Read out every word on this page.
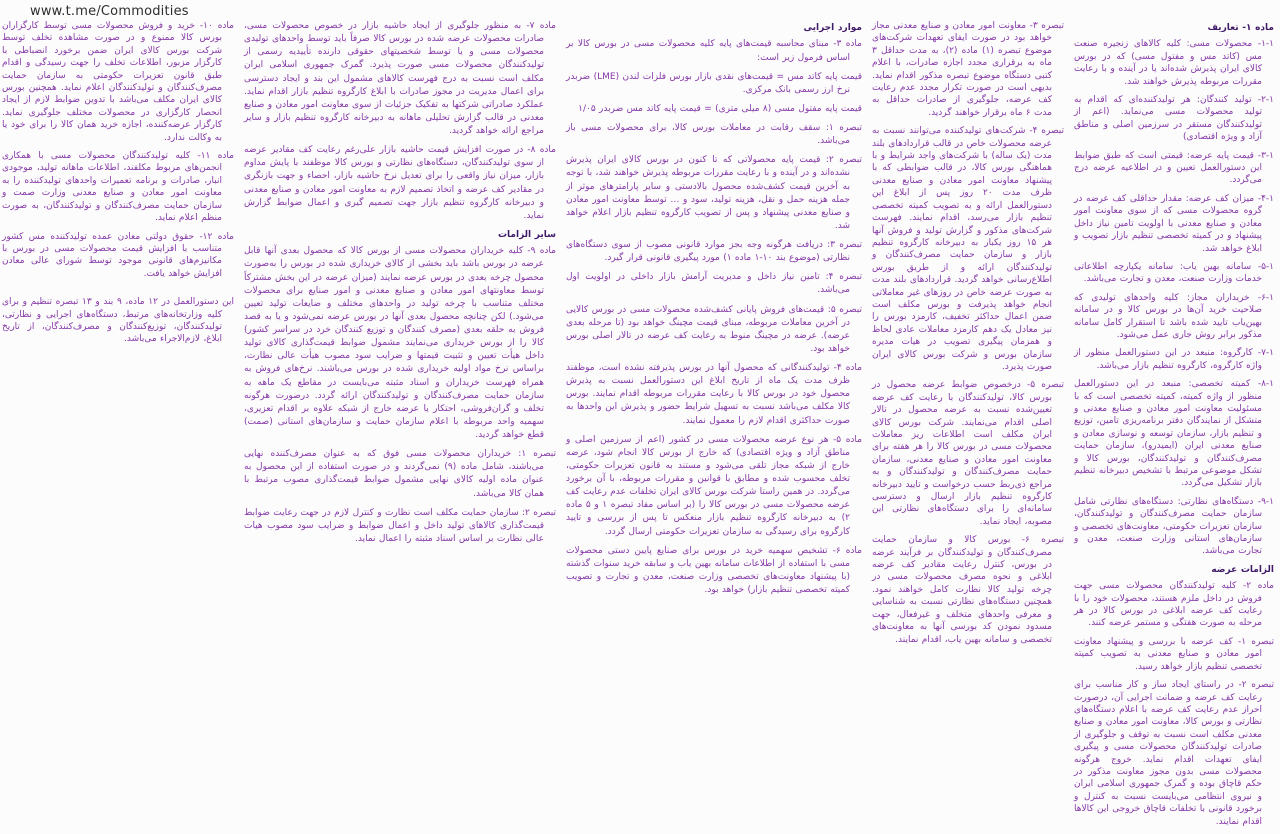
www.t.me/Commodities
ماده ۱- تعاریف
۱-۱- محصولات مسی: کلیه کالاهای زنجیره صنعت مس (کاتد مس و مفتول مسی) که در بورس کالای ایران پذیرش شده‌اند یا در آینده و با رعایت مقررات مربوطه پذیرش خواهند شد.
۲-۱- تولید کنندگان: هر تولیدکننده‌ای که اقدام به تولید محصولات مسی می‌نماید. (اعم از تولیدکنندگان مستقر در سرزمین اصلی و مناطق آزاد و ویژه اقتصادی)
۳-۱- قیمت پایه عرضه: قیمتی است که طبق ضوابط این دستورالعمل تعیین و در اطلاعیه عرضه درج می‌گردد.
۴-۱- میزان کف عرضه: مقدار حداقلی کف عرضه در گروه محصولات مسی که از سوی معاونت امور معادن و صنایع معدنی با اولویت تامین نیاز داخل پیشنهاد و در کمیته تخصصی تنظیم بازار تصویب و ابلاغ خواهد شد.
۵-۱- سامانه بهین یاب: سامانه یکپارچه اطلاعاتی خدمات وزارت صنعت، معدن و تجارت می‌باشد.
۶-۱- خریداران مجاز: کلیه واحدهای تولیدی که صلاحیت خرید آن‌ها در بورس کالا و در سامانه بهین‌یاب تایید شده باشد تا استقرار کامل سامانه مذکور برابر روش جاری عمل می‌شود.
۷-۱- کارگروه: منبعد در این دستورالعمل منظور از واژه کارگروه، کارگروه تنظیم بازار می‌باشد.
۸-۱- کمیته تخصصی: منبعد در این دستورالعمل منظور از واژه کمیته، کمیته تخصصی است که با مسئولیت معاونت امور معادن و صنایع معدنی و متشکل از نمایندگان دفتر برنامه‌ریزی تامین، توزیع و تنظیم بازار، سازمان توسعه و نوسازی معادن و صنایع معدنی ایران (ایمیدرو)، سازمان حمایت مصرف‌کنندگان و تولیدکنندگان، بورس کالا و تشکل موضوعی مرتبط با تشخیص دبیرخانه تنظیم بازار تشکیل می‌گردد.
۹-۱- دستگاه‌های نظارتی: دستگاه‌های نظارتی شامل سازمان حمایت مصرف‌کنندگان و تولیدکنندگان، سازمان تعزیرات حکومتی، معاونت‌های تخصصی و سازمان‌های استانی وزارت صنعت، معدن و تجارت می‌باشد.
الزامات عرضه
ماده ۲- کلیه تولیدکنندگان محصولات مسی جهت فروش در داخل ملزم هستند، محصولات خود را با رعایت کف عرضه ابلاغی در بورس کالا در هر مرحله به صورت هفتگی و مستمر عرضه کنند.
تبصره ۱- کف عرضه با بررسی و پیشنهاد معاونت امور معادن و صنایع معدنی به تصویب کمیته تخصصی تنظیم بازار خواهد رسید.
تبصره ۲- در راستای ایجاد ساز و کار مناسب برای رعایت کف عرضه و ضمانت اجرایی آن، درصورت احراز عدم رعایت کف عرضه با اعلام دستگاه‌های نظارتی و بورس کالا، معاونت امور معادن و صنایع معدنی مکلف است نسبت به توقف و جلوگیری از صادرات تولیدکنندگان محصولات مسی و پیگیری ایفای تعهدات اقدام نماید. خروج هرگونه محصولات مسی بدون مجوز معاونت مذکور در حکم قاچاق بوده و گمرک جمهوری اسلامی ایران و نیروی انتظامی می‌بایست نسبت به کنترل و برخورد قانونی با تخلفات قاچاق خروجی این کالاها اقدام نمایند.
تبصره ۳- معاونت امور معادن و صنایع معدنی مجاز خواهد بود در صورت ایفای تعهدات شرکت‌های موضوع تبصره (۱) ماده (۲)، به مدت حداقل ۳ ماه به برقراری مجدد اجازه صادرات، با اعلام کتبی دستگاه موضوع تبصره مذکور اقدام نماید. بدیهی است در صورت تکرار مجدد عدم رعایت کف عرضه، جلوگیری از صادرات حداقل به مدت ۶ ماه برقرار خواهند گردید.
تبصره ۴- شرکت‌های تولیدکننده می‌توانند نسبت به عرضه محصولات خاص در قالب قراردادهای بلند مدت (یک ساله) با شرکت‌های واجد شرایط و با هماهنگی بورس کالا، در قالب ضوابطی که با پیشنهاد معاونت امور معادن و صنایع معدنی ظرف مدت ۲۰ روز پس از ابلاغ این دستورالعمل ارائه و به تصویب کمیته تخصصی تنظیم بازار می‌رسد، اقدام نمایند. فهرست شرکت‌های مذکور و گزارش تولید و فروش آنها هر ۱۵ روز یکبار به دبیرخانه کارگروه تنظیم بازار و سازمان حمایت مصرف‌کنندگان و تولیدکنندگان ارائه و از طریق بورس اطلاع‌رسانی خواهد گردید. قراردادهای بلند مدت به صورت عرضه خاص در روزهای غیر معاملاتی انجام خواهد پذیرفت و بورس مکلف است ضمن اعمال حداکثر تخفیف، کارمزد بورس را نیز معادل یک دهم کارمزد معاملات عادی لحاظ و همزمان پیگیری تصویب در هیات مدیره سازمان بورس و شرکت بورس کالای ایران صورت پذیرد.
تبصره ۵- درخصوص ضوابط عرضه محصول در بورس کالا، تولیدکنندگان با رعایت کف عرضه تعیین‌شده نسبت به عرضه محصول در تالار اصلی اقدام می‌نمایند. شرکت بورس کالای ایران مکلف است اطلاعات ریز معاملات محصولات مسی در بورس کالا را هر هفته برای معاونت امور معادن و صنایع معدنی، سازمان حمایت مصرف‌کنندگان و تولیدکنندگان و به مراجع ذی‌ربط حسب درخواست و تایید دبیرخانه کارگروه تنظیم بازار ارسال و دسترسی سامانه‌ای را برای دستگاه‌های نظارتی این مصوبه، ایجاد نماید.
تبصره ۶- بورس کالا و سازمان حمایت مصرف‌کنندگان و تولیدکنندگان بر فرآیند عرضه در بورس، کنترل رعایت مقادیر کف عرضه ابلاغی و نحوه مصرف محصولات مسی در چرخه تولید کالا نظارت کامل خواهند نمود. همچنین دستگاه‌های نظارتی نسبت به شناسایی و معرفی واحدهای متخلف و غیرفعال، جهت مسدود نمودن کد بورسی آنها به معاونت‌های تخصصی و سامانه بهین یاب، اقدام نمایند.
موارد اجرایی
ماده ۳- مبنای محاسبه قیمت‌های پایه کلیه محصولات مسی در بورس کالا بر اساس فرمول زیر است:
قیمت پایه کاتد مس = قیمت‌های نقدی بازار بورس فلزات لندن (LME) ضربدر نرخ ارز رسمی بانک مرکزی.
قیمت پایه مفتول مسی (۸ میلی متری) = قیمت پایه کاتد مس ضربدر ۱/۰۵
تبصره ۱: سقف رقابت در معاملات بورس کالا، برای محصولات مسی باز می‌باشد.
تبصره ۲: قیمت پایه محصولاتی که تا کنون در بورس کالای ایران پذیرش نشده‌اند و در آینده و با رعایت مقررات مربوطه پذیرش خواهند شد، با توجه به آخرین قیمت کشف‌شده محصول بالادستی و سایر پارامترهای موثر از جمله هزینه حمل و نقل، هزینه تولید، سود و … توسط معاونت امور معادن و صنایع معدنی پیشنهاد و پس از تصویب کارگروه تنظیم بازار اعلام خواهد شد.
تبصره ۳: دریافت هرگونه وجه بجز موارد قانونی مصوب از سوی دستگاه‌های نظارتی (موضوع بند ۱۰-۱ ماده ۱) مورد پیگیری قانونی قرار گیرد.
تبصره ۴: تامین نیاز داخل و مدیریت آرامش بازار داخلی در اولویت اول می‌باشد.
تبصره ۵: قیمت‌های فروش پایانی کشف‌شده محصولات مسی در بورس کالایی در آخرین معاملات مربوطه، مبنای قیمت مچینگ خواهد بود (تا مرحله بعدی عرضه). عرضه در مچینگ منوط به رعایت کف عرضه در تالار اصلی بورس خواهد بود.
ماده ۴- تولیدکنندگانی که محصول آنها در بورس پذیرفته نشده است، موظفند ظرف مدت یک ماه از تاریخ ابلاغ این دستورالعمل نسبت به پذیرش محصول خود در بورس کالا با رعایت مقررات مربوطه اقدام نمایند. بورس کالا مکلف می‌باشد نسبت به تسهیل شرایط حضور و پذیرش این واحدها به صورت حداکثری اقدام لازم را معمول نمایند.
ماده ۵- هر نوع عرضه محصولات مسی در کشور (اعم از سرزمین اصلی و مناطق آزاد و ویژه اقتصادی) که خارج از بورس کالا انجام شود، عرضه خارج از شبکه مجاز تلقی می‌شود و مستند به قانون تعزیرات حکومتی، تخلف محسوب شده و مطابق با قوانین و مقررات مربوطه، با آن برخورد می‌گردد. در همین راستا شرکت بورس کالای ایران تخلفات عدم رعایت کف عرضه محصولات مسی در بورس کالا را (بر اساس مفاد تبصره ۱ و ۵ ماده ۲) به دبیرخانه کارگروه تنظیم بازار منعکس تا پس از بررسی و تایید کارگروه برای رسیدگی به سازمان تعزیرات حکومتی ارسال گردد.
ماده ۶- تشخیص سهمیه خرید در بورس برای صنایع پایین دستی محصولات مسی با استفاده از اطلاعات سامانه بهین یاب و سابقه خرید سنوات گذشته (با پیشنهاد معاونت‌های تخصصی وزارت صنعت، معدن و تجارت و تصویب کمیته تخصصی تنظیم بازار) خواهد بود.
ماده ۷- به منظور جلوگیری از ایجاد حاشیه بازار در خصوص محصولات مسی، صادرات محصولات عرضه شده در بورس کالا صرفاً باید توسط واحدهای تولیدی محصولات مسی و یا توسط شخصیتهای حقوقی دارنده تأییدیه رسمی از تولیدکنندگان محصولات مسی صورت پذیرد. گمرک جمهوری اسلامی ایران مکلف است نسبت به درج فهرست کالاهای مشمول این بند و ایجاد دسترسی برای اعمال مدیریت در مجوز صادرات با ابلاغ کارگروه تنظیم بازار اقدام نماید. عملکرد صادراتی شرکتها به تفکیک جزئیات از سوی معاونت امور معادن و صنایع معدنی در قالب گزارش تحلیلی ماهانه به دبیرخانه کارگروه تنظیم بازار و سایر مراجع ارائه خواهد گردید.
ماده ۸- در صورت افزایش قیمت حاشیه بازار علی‌رغم رعایت کف مقادیر عرضه از سوی تولیدکنندگان، دستگاه‌های نظارتی و بورس کالا موظفند با پایش مداوم بازار، میزان نیاز واقعی را برای تعدیل نرخ حاشیه بازار، احصاء و جهت بازنگری در مقادیر کف عرضه و اتخاذ تصمیم لازم به معاونت امور معادن و صنایع معدنی و دبیرخانه کارگروه تنظیم بازار جهت تصمیم گیری و اعمال ضوابط گزارش نماید.
سایر الزامات
ماده ۹- کلیه خریداران محصولات مسی از بورس کالا که محصول بعدی آنها قابل عرضه در بورس باشد باید بخشی از کالای خریداری شده در بورس را به‌صورت محصول چرخه بعدی در بورس عرضه نمایند (میزان عرضه در این بخش مشترکاً توسط معاونتهای امور معادن و صنایع معدنی و امور صنایع برای محصولات مختلف متناسب با چرخه تولید در واحدهای مختلف و ضایعات تولید تعیین می‌شود.) لکن چنانچه محصول بعدی آنها در بورس عرضه نمی‌شود و یا به قصد فروش به حلقه بعدی (مصرف کنندگان و توزیع کنندگان خرد در سراسر کشور) کالا را از بورس خریداری می‌نمایند مشمول ضوابط قیمت‌گذاری کالای تولید داخل هیأت تعیین و تثبیت قیمتها و ضرایب سود مصوب هیأت عالی نظارت، براساس نرخ مواد اولیه خریداری شده در بورس می‌باشند. نرخ‌های فروش به همراه فهرست خریداران و اسناد مثبته می‌بایست در مقاطع یک ماهه به سازمان حمایت مصرف‌کنندگان و تولیدکنندگان ارائه گردد. درصورت هرگونه تخلف و گران‌فروشی، احتکار یا عرضه خارج از شبکه علاوه بر اقدام تعزیری، سهمیه واحد مربوطه با اعلام سازمان حمایت و سازمان‌های استانی (صمت) قطع خواهد گردید.
تبصره ۱: خریداران محصولات مسی فوق که به عنوان مصرف‌کننده نهایی می‌باشند، شامل ماده (۹) نمی‌گردند و در صورت استفاده از این محصول به عنوان ماده اولیه کالای نهایی مشمول ضوابط قیمت‌گذاری مصوب مرتبط با همان کالا می‌باشد.
تبصره ۲: سازمان حمایت مکلف است نظارت و کنترل لازم در جهت رعایت ضوابط قیمت‌گذاری کالاهای تولید داخل و اعمال ضوابط و ضرایب سود مصوب هیات عالی نظارت بر اساس اسناد مثبته را اعمال نماید.
ماده ۱۰- خرید و فروش محصولات مسی توسط کارگزاران بورس کالا ممنوع و در صورت مشاهده تخلف توسط شرکت بورس کالای ایران ضمن برخورد انضباطی با کارگزار مزبور، اطلاعات تخلف را جهت رسیدگی و اقدام طبق قانون تعزیرات حکومتی به سازمان حمایت مصرف‌کنندگان و تولیدکنندگان اعلام نماید. همچنین بورس کالای ایران مکلف می‌باشد با تدوین ضوابط لازم از ایجاد انحصار کارگزاری در محصولات مختلف جلوگیری نماید. کارگزار عرضه‌کننده، اجازه خرید همان کالا را برای خود یا به وکالت ندارد.
ماده ۱۱- کلیه تولیدکنندگان محصولات مسی با همکاری انجمن‌های مربوط مکلفند، اطلاعات ماهانه تولید، موجودی انبار، صادرات و برنامه تعمیرات واحدهای تولیدکننده را به معاونت امور معادن و صنایع معدنی وزارت صمت و سازمان حمایت مصرف‌کنندگان و تولیدکنندگان، به صورت منظم اعلام نماید.
ماده ۱۲- حقوق دولتی معادن عمده تولیدکننده مس کشور متناسب با افزایش قیمت محصولات مسی در بورس با مکانیزم‌های قانونی موجود توسط شورای عالی معادن افزایش خواهد یافت.
این دستورالعمل در ۱۲ ماده، ۹ بند و ۱۳ تبصره تنظیم و برای کلیه وزارتخانه‌های مرتبط، دستگاه‌های اجرایی و نظارتی، تولیدکنندگان، توزیع‌کنندگان و مصرف‌کنندگان، از تاریخ ابلاغ، لازم‌الاجراء می‌باشد.
